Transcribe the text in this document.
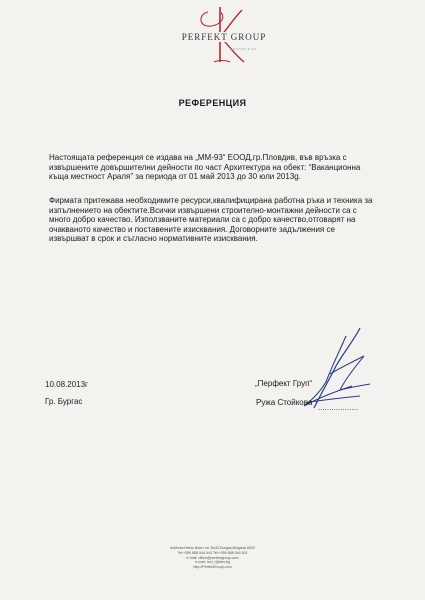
PERFEKT GROUP
STOYKOV & CO
РЕФЕРЕНЦИЯ

Настоящата референция се издава на „ММ-93“ ЕООД,гр.Пловдив, във връзка с извършените довършителни дейности по част Архитектура на обект: “Ваканционна къща местност Араля” за периода от 01 май 2013 до 30 юли 2013g.

Фирмата притежава необходимите ресурси,квалифицирана работна ръка и техника за изпълнението на обектите.Всички извършени строително-монтажни дейности са с много добро качество. Използваните материали са с добро качество,отговарят на очакваното качество и поставените изисквания. Договорните задължения се извършват в срок и съгласно нормативните изисквания.

10.08.2013г
Гр. Бургас
„Перфект Груп“
Ружа Стойкова
..................
Address:Hristo Botev str. No32,Burgas,Bulgaria 8000
Tel:+359 888 544 944 Tel:+359 888 044 601
e-mail: office@perfectgroup.com
e-mail: ruzi_r@abv.bg
http://PerfektGroup.com
